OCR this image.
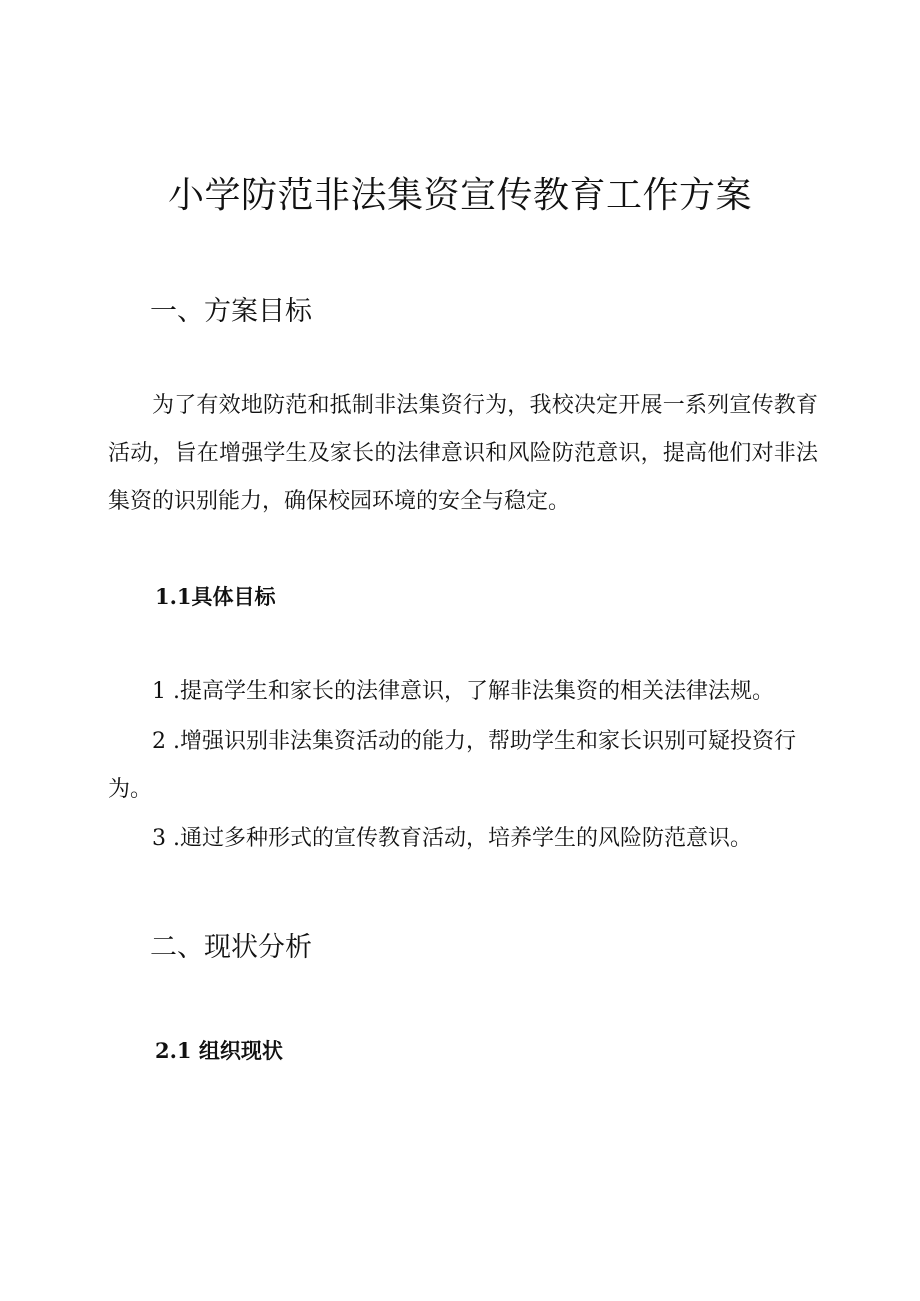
小学防范非法集资宣传教育工作方案
一、方案目标

为了有效地防范和抵制非法集资行为，我校决定开展一系列宣传教育活动，旨在增强学生及家长的法律意识和风险防范意识，提高他们对非法集资的识别能力，确保校园环境的安全与稳定。

1.1具体目标

1 .提高学生和家长的法律意识，了解非法集资的相关法律法规。

2 .增强识别非法集资活动的能力，帮助学生和家长识别可疑投资行为。

3 .通过多种形式的宣传教育活动，培养学生的风险防范意识。

二、现状分析
2.1 组织现状
